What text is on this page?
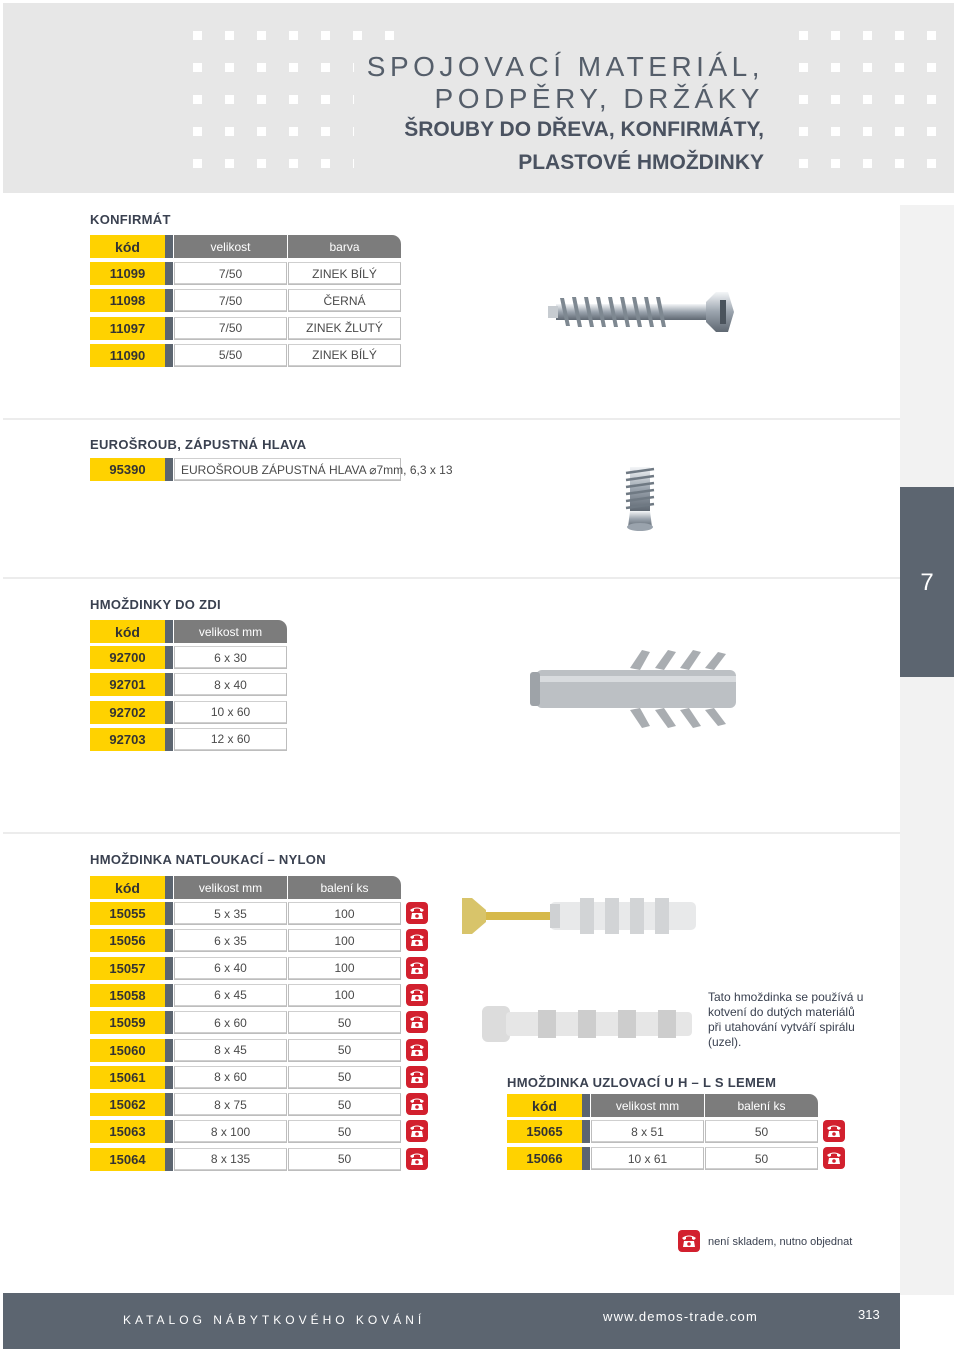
SPOJOVACÍ MATERIÁL,
PODPĚRY, DRŽÁKY
ŠROUBY DO DŘEVA, KONFIRMÁTY,
PLASTOVÉ HMOŽDINKY
7
KONFIRMÁT
kód	velikost	barva
11099	7/50	ZINEK BÍLÝ
11098	7/50	ČERNÁ
11097	7/50	ZINEK ŽLUTÝ
11090	5/50	ZINEK BÍLÝ
EUROŠROUB, ZÁPUSTNÁ HLAVA
95390	EUROŠROUB ZÁPUSTNÁ HLAVA ⌀7mm, 6,3 x 13
HMOŽDINKY DO ZDI
kód	velikost mm
92700	6 x 30
92701	8 x 40
92702	10 x 60
92703	12 x 60
HMOŽDINKA NATLOUKACÍ – NYLON
kód	velikost mm	balení ks
15055	5 x 35	100
15056	6 x 35	100
15057	6 x 40	100
15058	6 x 45	100
15059	6 x 60	50
15060	8 x 45	50
15061	8 x 60	50
15062	8 x 75	50
15063	8 x 100	50
15064	8 x 135	50
Tato hmoždinka se používá u kotvení do dutých materiálů při utahování vytváří spirálu (uzel).
HMOŽDINKA UZLOVACÍ U H – L S LEMEM
kód	velikost mm	balení ks
15065	8 x 51	50
15066	10 x 61	50
není skladem, nutno objednat
KATALOG NÁBYTKOVÉHO KOVÁNÍ	www.demos-trade.com	313
